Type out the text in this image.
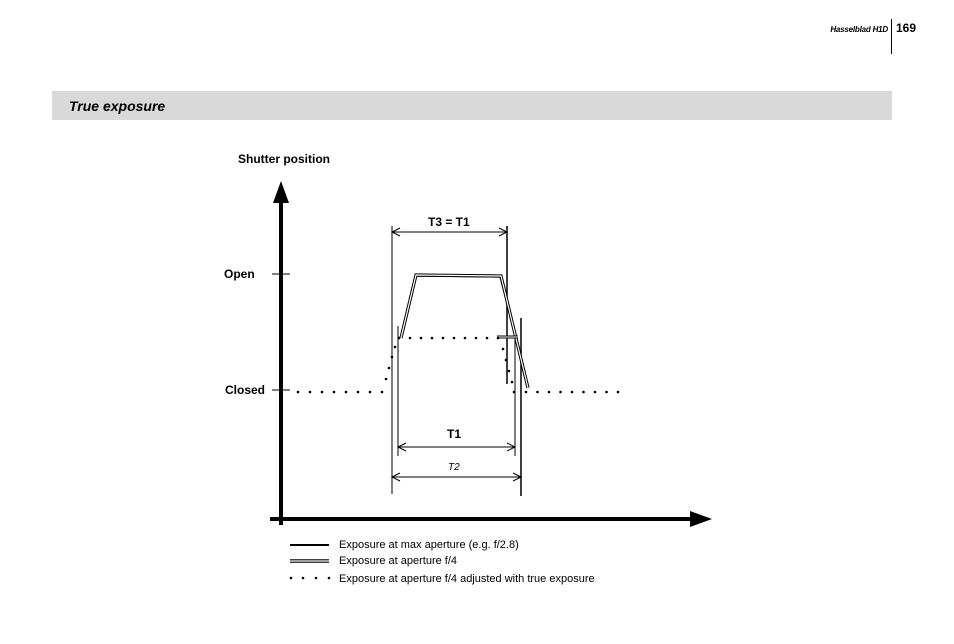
Hasselblad H1D 169
True exposure
Shutter position
Open
Closed
T3 = T1
T1
T2
Exposure at max aperture (e.g. f/2.8)
Exposure at aperture f/4
Exposure at aperture f/4 adjusted with true exposure
